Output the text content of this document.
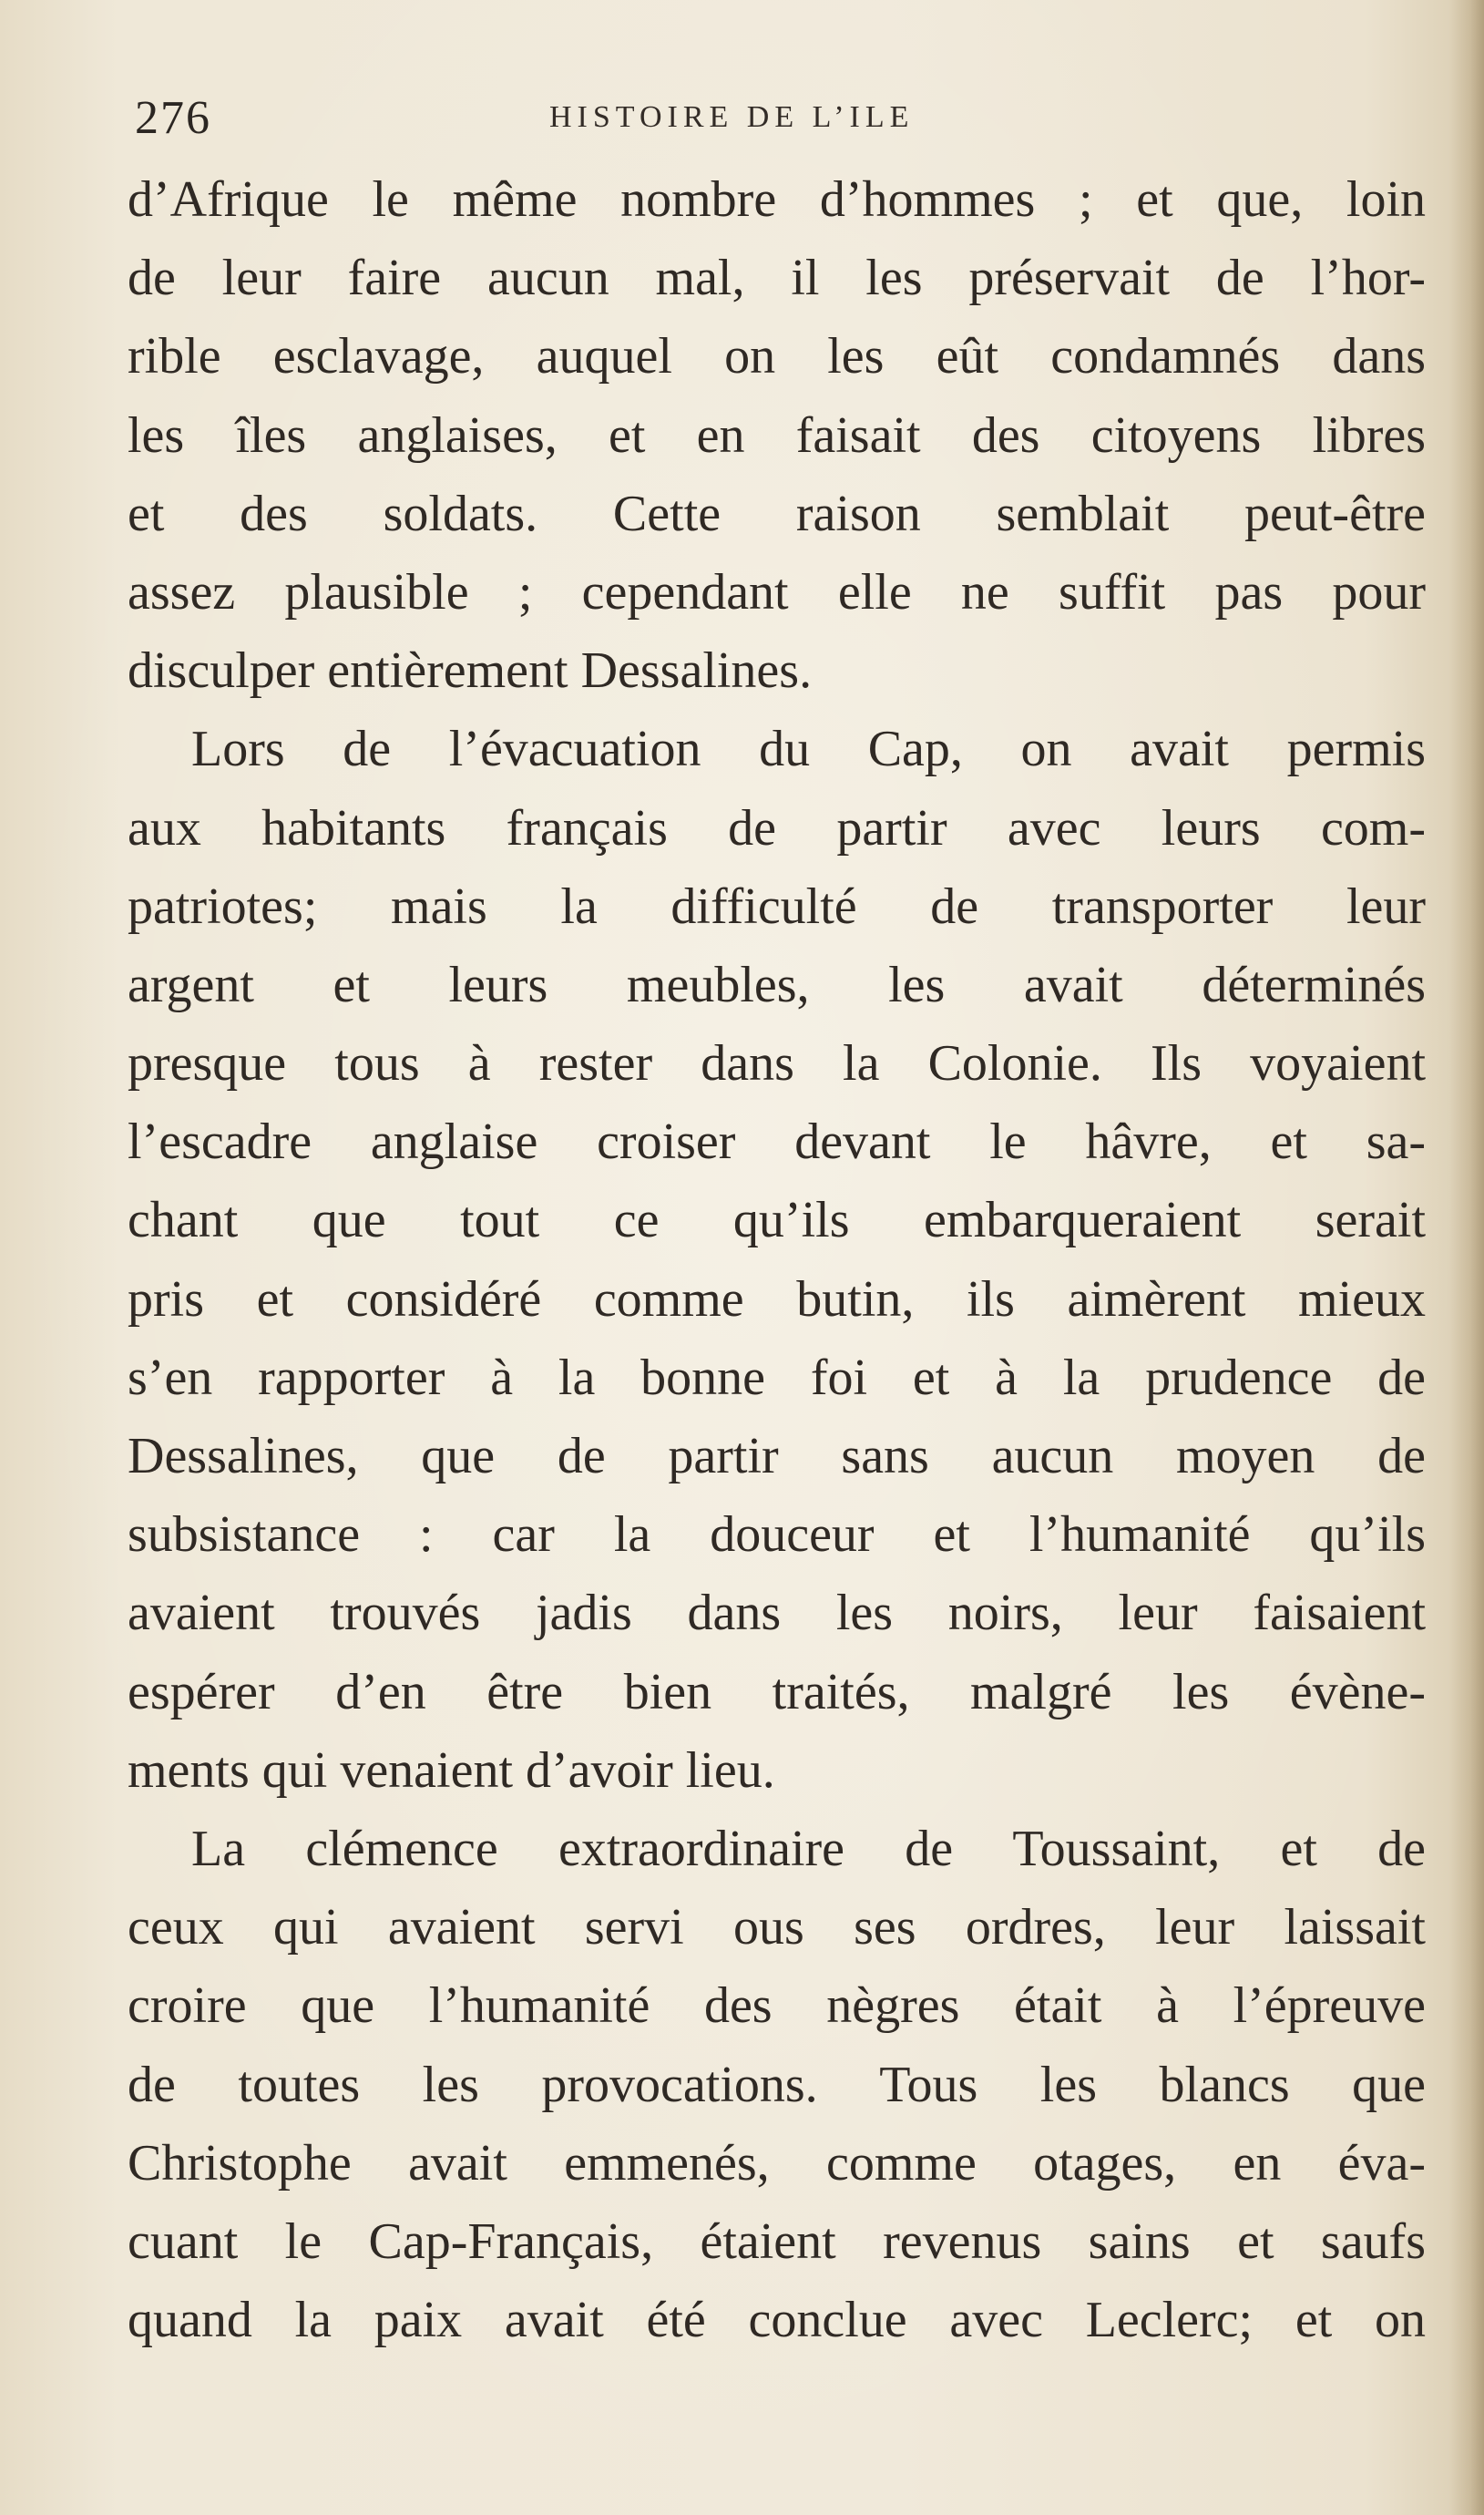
276	HISTOIRE DE L’ILE
d’Afrique le même nombre d’hommes ; et que, loin
de leur faire aucun mal, il les préservait de l’hor-
rible esclavage, auquel on les eût condamnés dans
les îles anglaises, et en faisait des citoyens libres
et des soldats. Cette raison semblait peut-être
assez plausible ; cependant elle ne suffit pas pour
disculper entièrement Dessalines.
Lors de l’évacuation du Cap, on avait permis
aux habitants français de partir avec leurs com-
patriotes; mais la difficulté de transporter leur
argent et leurs meubles, les avait déterminés
presque tous à rester dans la Colonie. Ils voyaient
l’escadre anglaise croiser devant le hâvre, et sa-
chant que tout ce qu’ils embarqueraient serait
pris et considéré comme butin, ils aimèrent mieux
s’en rapporter à la bonne foi et à la prudence de
Dessalines, que de partir sans aucun moyen de
subsistance : car la douceur et l’humanité qu’ils
avaient trouvés jadis dans les noirs, leur faisaient
espérer d’en être bien traités, malgré les évène-
ments qui venaient d’avoir lieu.
La clémence extraordinaire de Toussaint, et de
ceux qui avaient servi ous ses ordres, leur laissait
croire que l’humanité des nègres était à l’épreuve
de toutes les provocations. Tous les blancs que
Christophe avait emmenés, comme otages, en éva-
cuant le Cap-Français, étaient revenus sains et saufs
quand la paix avait été conclue avec Leclerc; et on
